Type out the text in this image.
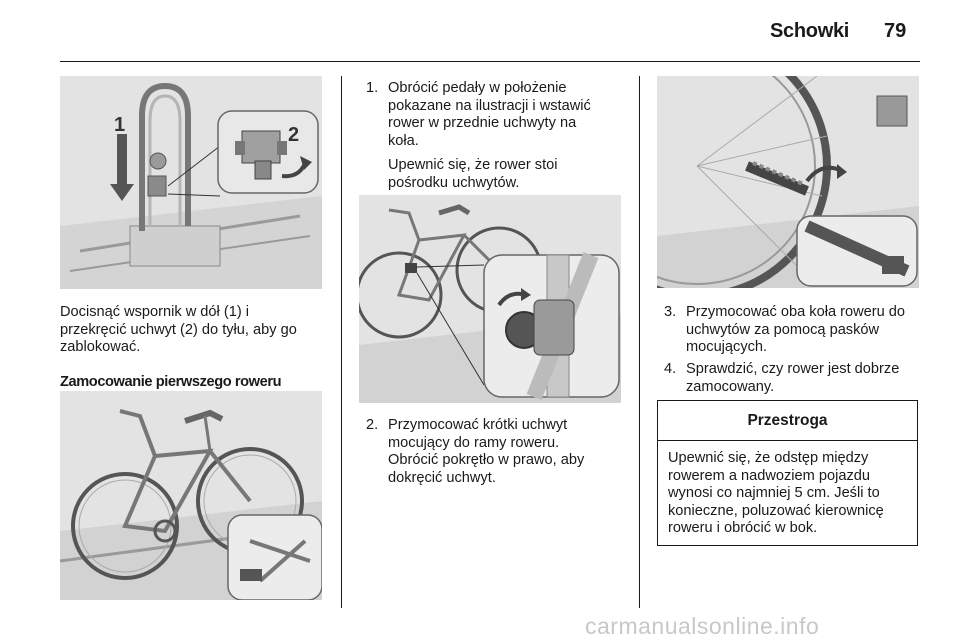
Schowki 79
1	2
Docisnąć wspornik w dół (1) i
przekręcić uchwyt (2) do tyłu, aby go
zablokować.
Zamocowanie pierwszego roweru
1. Obrócić pedały w położenie
pokazane na ilustracji i wstawić
rower w przednie uchwyty na
koła.
Upewnić się, że rower stoi
pośrodku uchwytów.
2. Przymocować krótki uchwyt
mocujący do ramy roweru.
Obrócić pokrętło w prawo, aby
dokręcić uchwyt.
3. Przymocować oba koła roweru do
uchwytów za pomocą pasków
mocujących.
4. Sprawdzić, czy rower jest dobrze
zamocowany.
Przestroga
Upewnić się, że odstęp między
rowerem a nadwoziem pojazdu
wynosi co najmniej 5 cm. Jeśli to
konieczne, poluzować kierownicę
roweru i obrócić w bok.
carmanualsonline.info
